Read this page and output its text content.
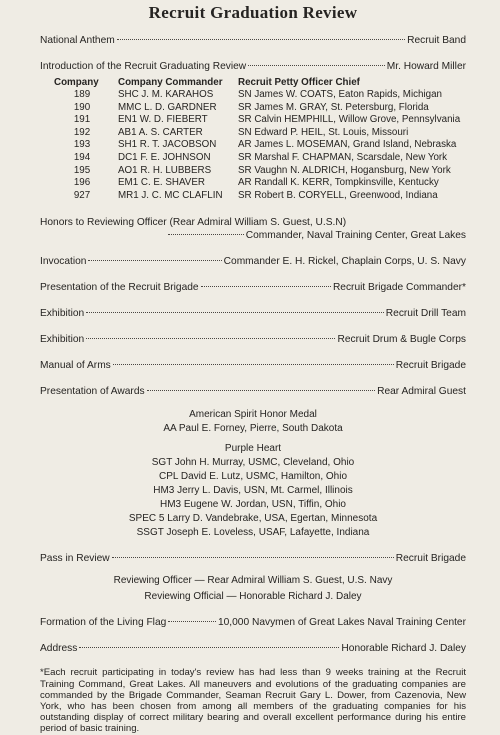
Recruit Graduation Review
National Anthem	Recruit Band
Introduction of the Recruit Graduating Review	Mr. Howard Miller
Company	Company Commander	Recruit Petty Officer Chief
189	SHC J. M. KARAHOS	SN James W. COATS, Eaton Rapids, Michigan
190	MMC L. D. GARDNER	SR James M. GRAY, St. Petersburg, Florida
191	EN1 W. D. FIEBERT	SR Calvin HEMPHILL, Willow Grove, Pennsylvania
192	AB1 A. S. CARTER	SN Edward P. HEIL, St. Louis, Missouri
193	SH1 R. T. JACOBSON	AR James L. MOSEMAN, Grand Island, Nebraska
194	DC1 F. E. JOHNSON	SR Marshal F. CHAPMAN, Scarsdale, New York
195	AO1 R. H. LUBBERS	SR Vaughn N. ALDRICH, Hogansburg, New York
196	EM1 C. E. SHAVER	AR Randall K. KERR, Tompkinsville, Kentucky
927	MR1 J. C. MC CLAFLIN	SR Robert B. CORYELL, Greenwood, Indiana
Honors to Reviewing Officer (Rear Admiral William S. Guest, U.S.N)
Commander, Naval Training Center, Great Lakes
Invocation	Commander E. H. Rickel, Chaplain Corps, U. S. Navy
Presentation of the Recruit Brigade	Recruit Brigade Commander*
Exhibition	Recruit Drill Team
Exhibition	Recruit Drum & Bugle Corps
Manual of Arms	Recruit Brigade
Presentation of Awards	Rear Admiral Guest
American Spirit Honor Medal
AA Paul E. Forney, Pierre, South Dakota
Purple Heart
SGT John H. Murray, USMC, Cleveland, Ohio
CPL David E. Lutz, USMC, Hamilton, Ohio
HM3 Jerry L. Davis, USN, Mt. Carmel, Illinois
HM3 Eugene W. Jordan, USN, Tiffin, Ohio
SPEC 5 Larry D. Vandebrake, USA, Egertan, Minnesota
SSGT Joseph E. Loveless, USAF, Lafayette, Indiana
Pass in Review	Recruit Brigade
Reviewing Officer — Rear Admiral William S. Guest, U.S. Navy
Reviewing Official — Honorable Richard J. Daley
Formation of the Living Flag	10,000 Navymen of Great Lakes Naval Training Center
Address	Honorable Richard J. Daley

*Each recruit participating in today's review has had less than 9 weeks training at the Recruit Training Command, Great Lakes. All maneuvers and evolutions of the graduating companies are commanded by the Brigade Commander, Seaman Recruit Gary L. Dower, from Cazenovia, New York, who has been chosen from among all members of the graduating companies for his outstanding display of correct military bearing and overall excellent performance during his entire period of basic training.
